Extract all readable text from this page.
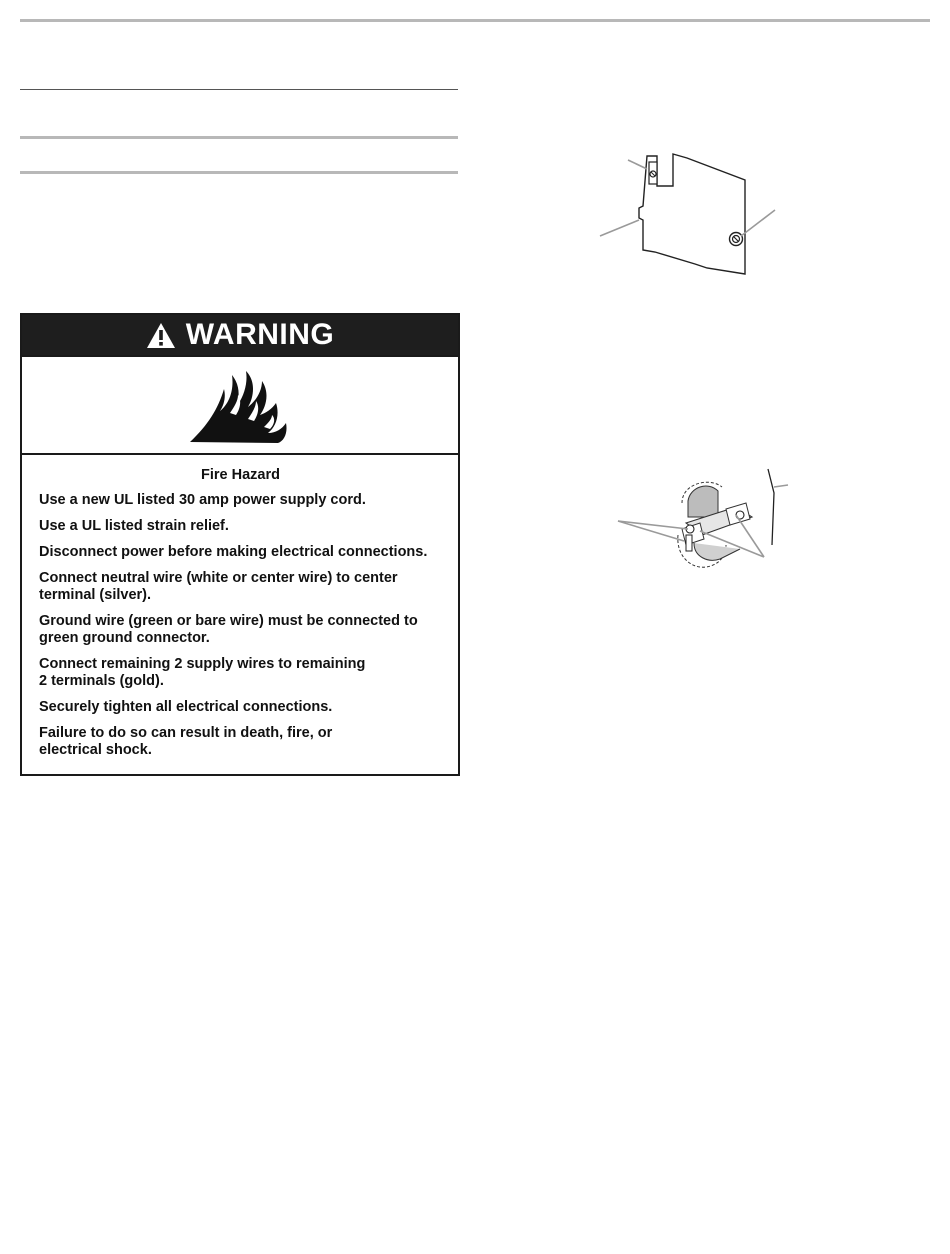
WARNING

Fire Hazard

Use a new UL listed 30 amp power supply cord.

Use a UL listed strain relief.

Disconnect power before making electrical connections.

Connect neutral wire (white or center wire) to center
terminal (silver).

Ground wire (green or bare wire) must be connected to
green ground connector.

Connect remaining 2 supply wires to remaining
2 terminals (gold).

Securely tighten all electrical connections.

Failure to do so can result in death, fire, or
electrical shock.
